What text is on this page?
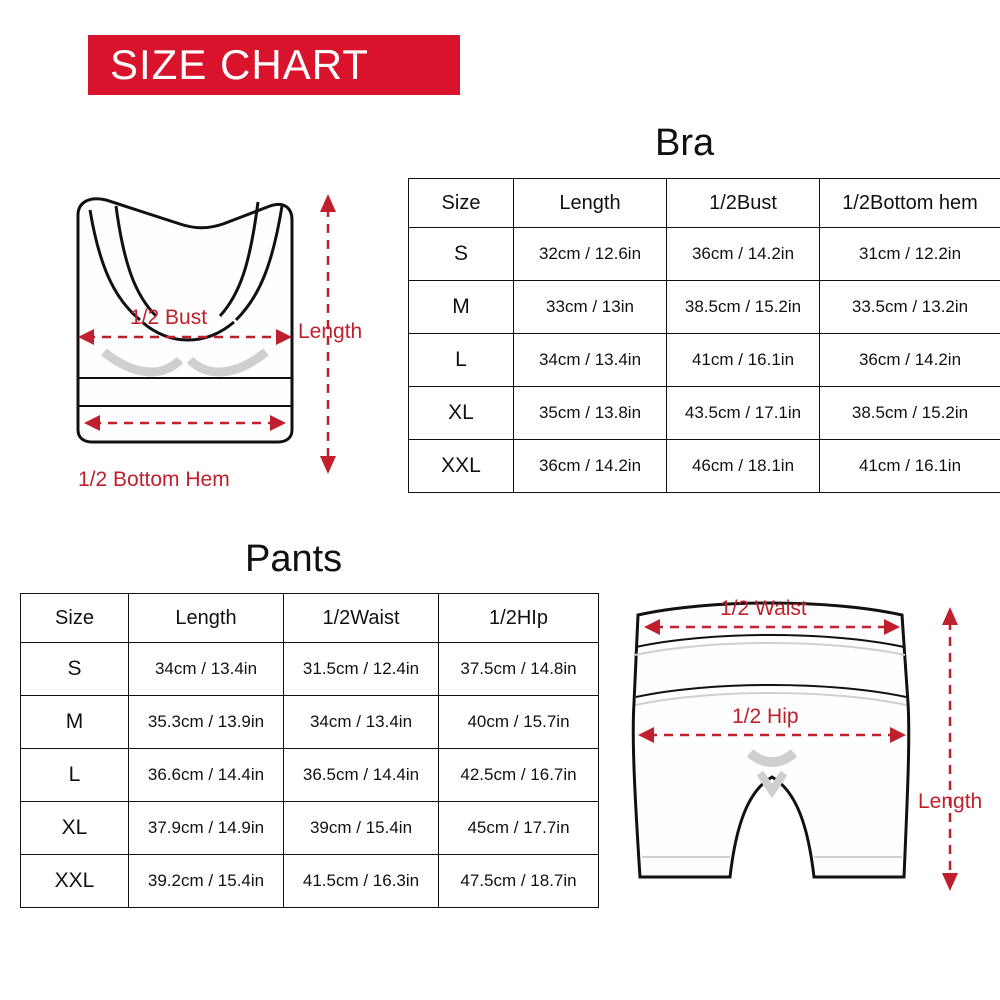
SIZE CHART
Bra
Size	Length	1/2Bust	1/2Bottom hem
S	32cm / 12.6in	36cm / 14.2in	31cm / 12.2in
M	33cm / 13in	38.5cm / 15.2in	33.5cm / 13.2in
L	34cm / 13.4in	41cm / 16.1in	36cm / 14.2in
XL	35cm / 13.8in	43.5cm / 17.1in	38.5cm / 15.2in
XXL	36cm / 14.2in	46cm / 18.1in	41cm / 16.1in
1/2 Bust
1/2 Bottom Hem
Length
Pants
Size	Length	1/2Waist	1/2HIp
S	34cm / 13.4in	31.5cm / 12.4in	37.5cm / 14.8in
M	35.3cm / 13.9in	34cm / 13.4in	40cm / 15.7in
L	36.6cm / 14.4in	36.5cm / 14.4in	42.5cm / 16.7in
XL	37.9cm / 14.9in	39cm / 15.4in	45cm / 17.7in
XXL	39.2cm / 15.4in	41.5cm / 16.3in	47.5cm / 18.7in
1/2 Waist
1/2 Hip
Length
